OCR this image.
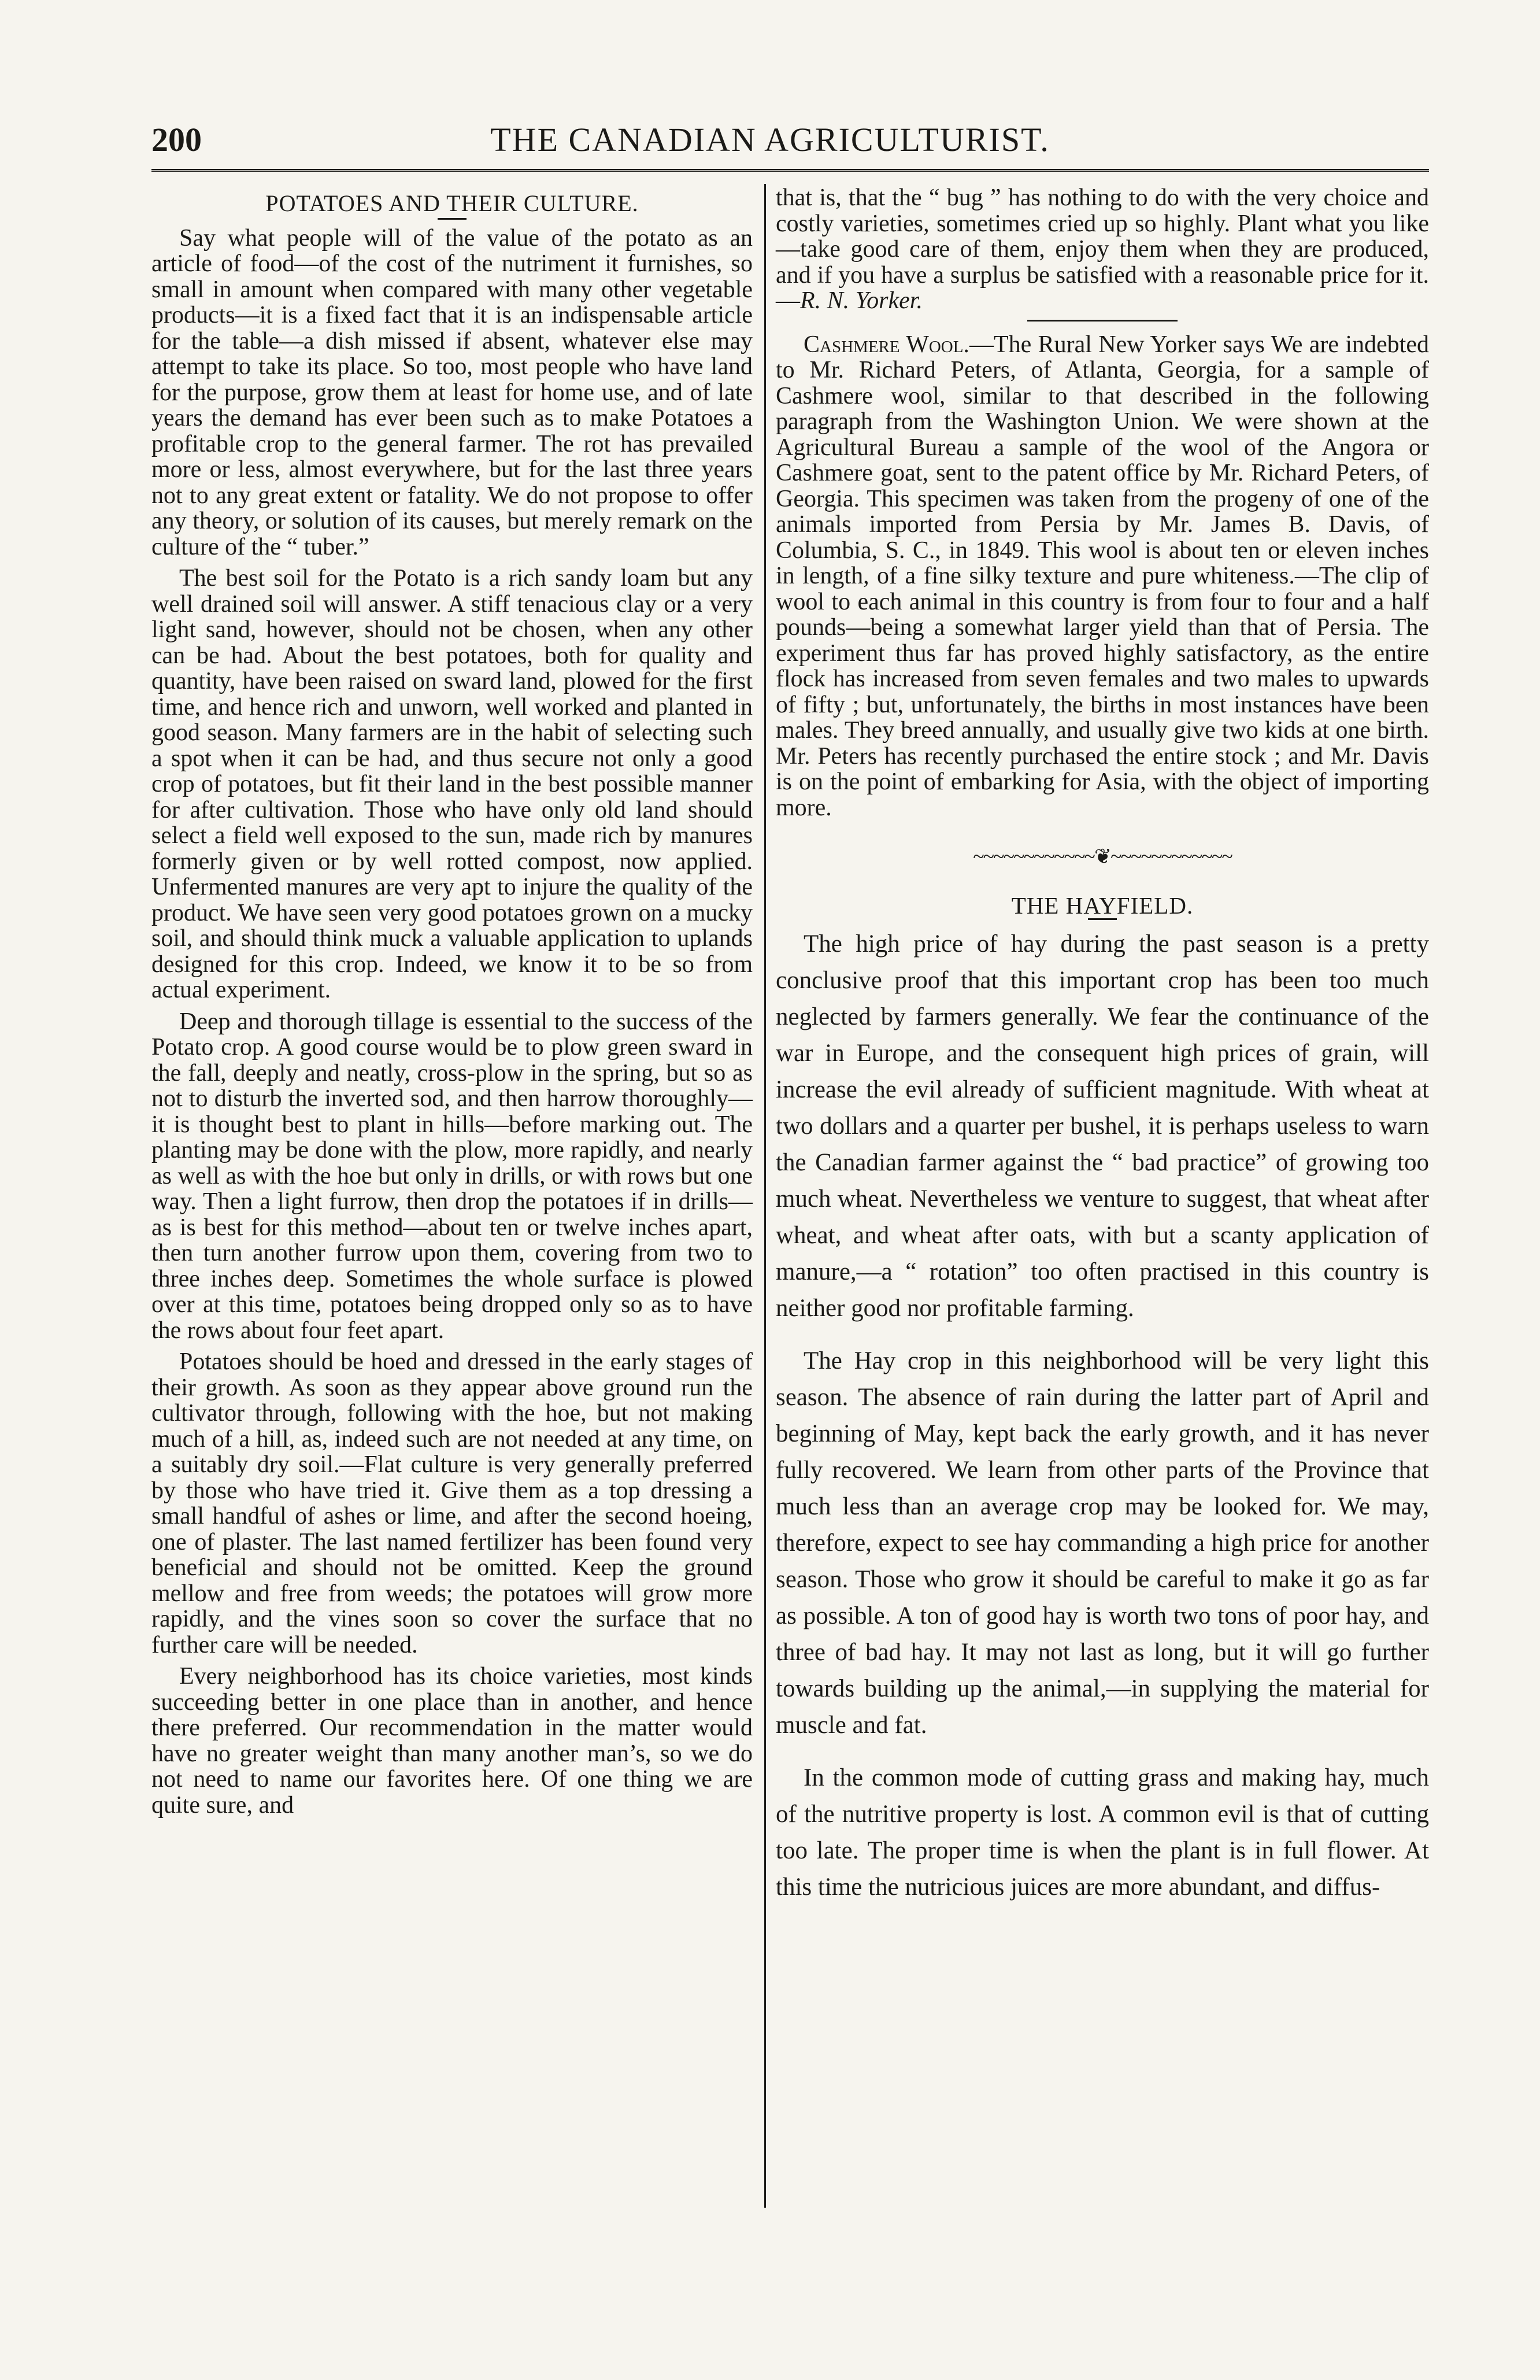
200	THE CANADIAN AGRICULTURIST.
POTATOES AND THEIR CULTURE.

Say what people will of the value of the potato as an article of food—of the cost of the nutriment it furnishes, so small in amount when compared with many other vegetable products—it is a fixed fact that it is an indispensable article for the table—a dish missed if absent, whatever else may attempt to take its place. So too, most people who have land for the purpose, grow them at least for home use, and of late years the demand has ever been such as to make Potatoes a profitable crop to the general farmer. The rot has prevailed more or less, almost everywhere, but for the last three years not to any great extent or fatality. We do not propose to offer any theory, or solution of its causes, but merely remark on the culture of the “ tuber.”

The best soil for the Potato is a rich sandy loam but any well drained soil will answer. A stiff tenacious clay or a very light sand, however, should not be chosen, when any other can be had. About the best potatoes, both for quality and quantity, have been raised on sward land, plowed for the first time, and hence rich and unworn, well worked and planted in good season. Many farmers are in the habit of selecting such a spot when it can be had, and thus secure not only a good crop of potatoes, but fit their land in the best possible manner for after cultivation. Those who have only old land should select a field well exposed to the sun, made rich by manures formerly given or by well rotted compost, now applied. Unfermented manures are very apt to injure the quality of the product. We have seen very good potatoes grown on a mucky soil, and should think muck a valuable application to uplands designed for this crop. Indeed, we know it to be so from actual experiment.

Deep and thorough tillage is essential to the success of the Potato crop. A good course would be to plow green sward in the fall, deeply and neatly, cross-plow in the spring, but so as not to disturb the inverted sod, and then harrow thoroughly—it is thought best to plant in hills—before marking out. The planting may be done with the plow, more rapidly, and nearly as well as with the hoe but only in drills, or with rows but one way. Then a light furrow, then drop the potatoes if in drills—as is best for this method—about ten or twelve inches apart, then turn another furrow upon them, covering from two to three inches deep. Sometimes the whole surface is plowed over at this time, potatoes being dropped only so as to have the rows about four feet apart.

Potatoes should be hoed and dressed in the early stages of their growth. As soon as they appear above ground run the cultivator through, following with the hoe, but not making much of a hill, as, indeed such are not needed at any time, on a suitably dry soil.—Flat culture is very generally preferred by those who have tried it. Give them as a top dressing a small handful of ashes or lime, and after the second hoeing, one of plaster. The last named fertilizer has been found very beneficial and should not be omitted. Keep the ground mellow and free from weeds; the potatoes will grow more rapidly, and the vines soon so cover the surface that no further care will be needed.

Every neighborhood has its choice varieties, most kinds succeeding better in one place than in another, and hence there preferred. Our recommendation in the matter would have no greater weight than many another man’s, so we do not need to name our favorites here. Of one thing we are quite sure, and

that is, that the “ bug ” has nothing to do with the very choice and costly varieties, sometimes cried up so highly. Plant what you like—take good care of them, enjoy them when they are produced, and if you have a surplus be satisfied with a reasonable price for it.—R. N. Yorker.

Cashmere Wool.—The Rural New Yorker says We are indebted to Mr. Richard Peters, of Atlanta, Georgia, for a sample of Cashmere wool, similar to that described in the following paragraph from the Washington Union. We were shown at the Agricultural Bureau a sample of the wool of the Angora or Cashmere goat, sent to the patent office by Mr. Richard Peters, of Georgia. This specimen was taken from the progeny of one of the animals imported from Persia by Mr. James B. Davis, of Columbia, S. C., in 1849. This wool is about ten or eleven inches in length, of a fine silky texture and pure whiteness.—The clip of wool to each animal in this country is from four to four and a half pounds—being a somewhat larger yield than that of Persia. The experiment thus far has proved highly satisfactory, as the entire flock has increased from seven females and two males to upwards of fifty ; but, unfortunately, the births in most instances have been males. They breed annually, and usually give two kids at one birth. Mr. Peters has recently purchased the entire stock ; and Mr. Davis is on the point of embarking for Asia, with the object of importing more.

~~~~~~~~~~~~❦~~~~~~~~~~~~
THE HAYFIELD.

The high price of hay during the past season is a pretty conclusive proof that this important crop has been too much neglected by farmers generally. We fear the continuance of the war in Europe, and the consequent high prices of grain, will increase the evil already of sufficient magnitude. With wheat at two dollars and a quarter per bushel, it is perhaps useless to warn the Canadian farmer against the “ bad practice” of growing too much wheat. Nevertheless we venture to suggest, that wheat after wheat, and wheat after oats, with but a scanty application of manure,—a “ rotation” too often practised in this country is neither good nor profitable farming.

The Hay crop in this neighborhood will be very light this season. The absence of rain during the latter part of April and beginning of May, kept back the early growth, and it has never fully recovered. We learn from other parts of the Province that much less than an average crop may be looked for. We may, therefore, expect to see hay commanding a high price for another season. Those who grow it should be careful to make it go as far as possible. A ton of good hay is worth two tons of poor hay, and three of bad hay. It may not last as long, but it will go further towards building up the animal,—in supplying the material for muscle and fat.

In the common mode of cutting grass and making hay, much of the nutritive property is lost. A common evil is that of cutting too late. The proper time is when the plant is in full flower. At this time the nutricious juices are more abundant, and diffus-
